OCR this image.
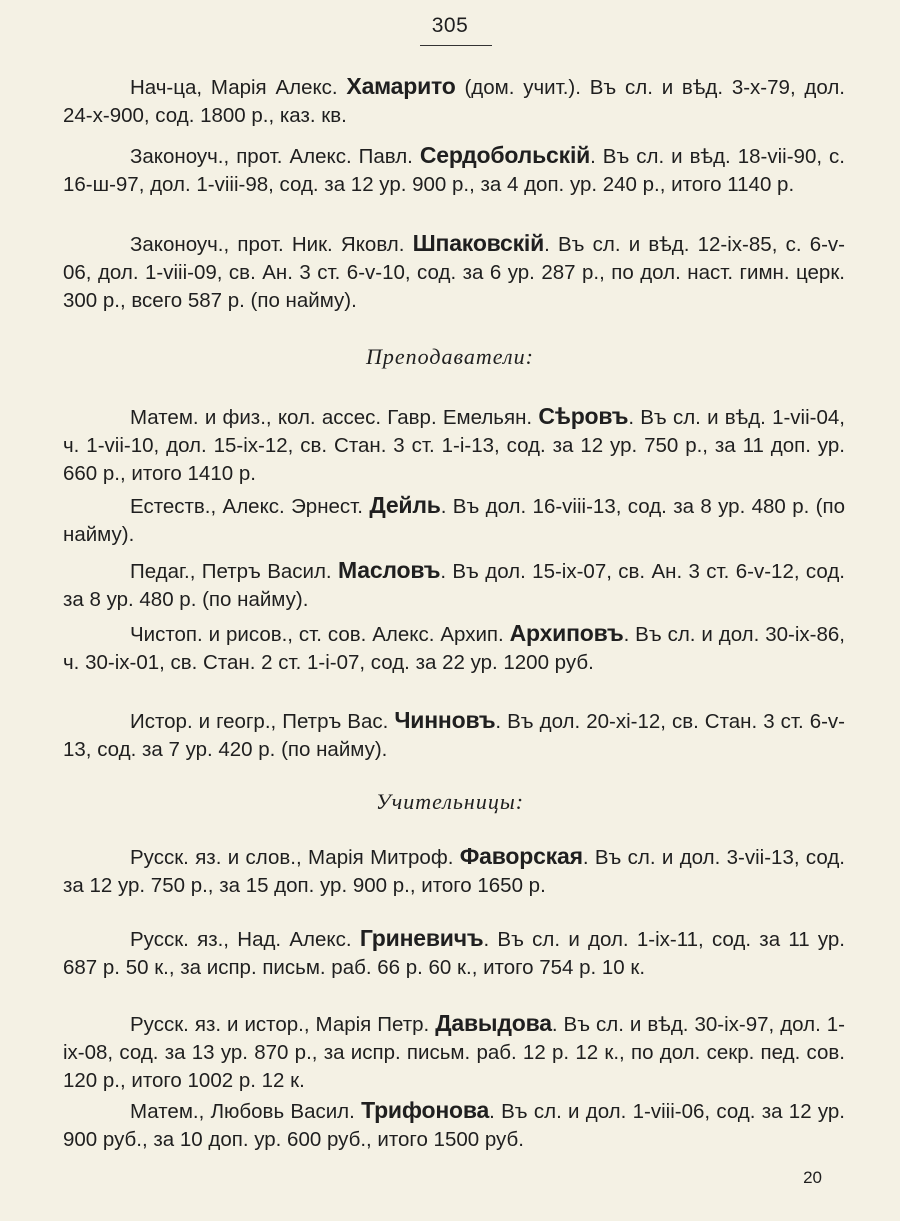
305

Нач-ца, Марія Алекс. Хамарито (дом. учит.). Въ сл. и вѣд. 3-х-79, дол. 24-х-900, сод. 1800 р., каз. кв.

Законоуч., прот. Алекс. Павл. Сердобольскій. Въ сл. и вѣд. 18-vii-90, с. 16-ш-97, дол. 1-viii-98, сод. за 12 ур. 900 р., за 4 доп. ур. 240 р., итого 1140 р.

Законоуч., прот. Ник. Яковл. Шпаковскій. Въ сл. и вѣд. 12-ix-85, с. 6-v-06, дол. 1-viii-09, св. Ан. 3 ст. 6-v-10, сод. за 6 ур. 287 р., по дол. наст. гимн. церк. 300 р., всего 587 р. (по найму).

Преподаватели:

Матем. и физ., кол. ассес. Гавр. Емельян. Сѣровъ. Въ сл. и вѣд. 1-vii-04, ч. 1-vii-10, дол. 15-ix-12, св. Стан. 3 ст. 1-i-13, сод. за 12 ур. 750 р., за 11 доп. ур. 660 р., итого 1410 р.

Естеств., Алекс. Эрнест. Дейль. Въ дол. 16-viii-13, сод. за 8 ур. 480 р. (по найму).

Педаг., Петръ Васил. Масловъ. Въ дол. 15-ix-07, св. Ан. 3 ст. 6-v-12, сод. за 8 ур. 480 р. (по найму).

Чистоп. и рисов., ст. сов. Алекс. Архип. Архиповъ. Въ сл. и дол. 30-ix-86, ч. 30-ix-01, св. Стан. 2 ст. 1-i-07, сод. за 22 ур. 1200 руб.

Истор. и геогр., Петръ Вас. Чинновъ. Въ дол. 20-xi-12, св. Стан. 3 ст. 6-v-13, сод. за 7 ур. 420 р. (по найму).

Учительницы:

Русск. яз. и слов., Марія Митроф. Фаворская. Въ сл. и дол. 3-vii-13, сод. за 12 ур. 750 р., за 15 доп. ур. 900 р., итого 1650 р.

Русск. яз., Над. Алекс. Гриневичъ. Въ сл. и дол. 1-ix-11, сод. за 11 ур. 687 р. 50 к., за испр. письм. раб. 66 р. 60 к., итого 754 р. 10 к.

Русск. яз. и истор., Марія Петр. Давыдова. Въ сл. и вѣд. 30-ix-97, дол. 1-ix-08, сод. за 13 ур. 870 р., за испр. письм. раб. 12 р. 12 к., по дол. секр. пед. сов. 120 р., итого 1002 р. 12 к.

Матем., Любовь Васил. Трифонова. Въ сл. и дол. 1-viii-06, сод. за 12 ур. 900 руб., за 10 доп. ур. 600 руб., итого 1500 руб.

20
